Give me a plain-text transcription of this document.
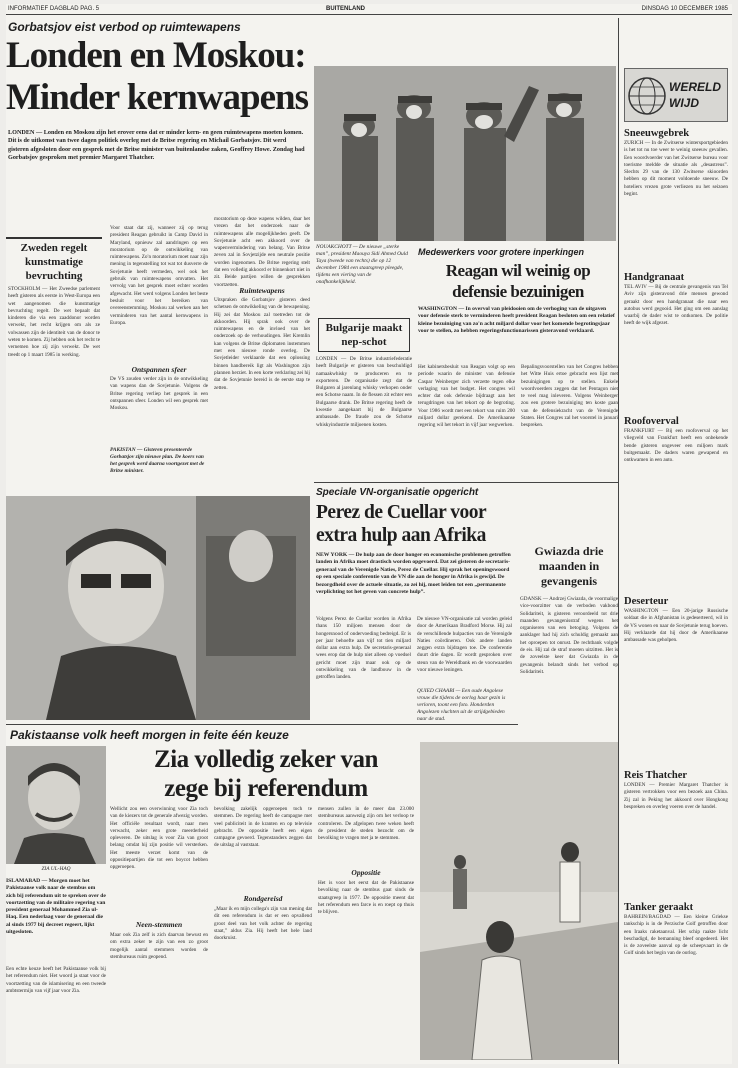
INFORMATIEF DAGBLAD PAG. 5	BUITENLAND	DINSDAG 10 DECEMBER 1985
Gorbatsjov eist verbod op ruimtewapens
Londen en Moskou:
Minder kernwapens
LONDEN — Londen en Moskou zijn het erover eens dat er minder kern- en geen ruimtewapens moeten komen. Dit is de uitkomst van twee dagen politiek overleg met de Britse regering en Michail Gorbatsjov. Dit werd gisteren afgesloten door een gesprek met de Britse minister van buitenlandse zaken, Geoffrey Howe. Zondag had Gorbatsjov gesproken met premier Margaret Thatcher.
Zweden regelt kunstmatige bevruchting
STOCKHOLM — Het Zweedse parlement heeft gisteren als eerste in West-Europa een wet aangenomen die kunstmatige bevruchting regelt. De wet bepaalt dat kinderen die via een zaaddonor worden verwekt, het recht krijgen om als ze volwassen zijn de identiteit van de donor te weten te komen. Zij hebben ook het recht te vernemen hoe zij zijn verwekt. De wet treedt op 1 maart 1985 in werking.
Voor staat dat zij, wanneer zij op terug president Reagan gebruikt in Camp David in Maryland, opnieuw zal aandringen op een moratorium op de ontwikkeling van ruimtewapens. Zo'n moratorium moet naar zijn mening in tegenstelling tot wat tot dusverre de Sovjetunie heeft vermeden, wel ook het gebruik van ruimtewapens omvatten. Het vervolg van het gesprek moet echter worden afgewacht. Het werd volgens Londen het beste besluit voor het bereiken van overeenstemming. Moskou zal werken aan het verminderen van het aantal kernwapens in Europa.
Ontspannen sfeer
De VS zouden verder zijn in de ontwikkeling van wapens dan de Sovjetunie. Volgens de Britse regering verliep het gesprek in een ontspannen sfeer. Londen wil een gesprek met Moskou.
PAKISTAN — Gisteren presenteerde Gorbatsjov zijn nieuwe plan. De koers van het gesprek werd daarna voortgezet met de Britse minister.
moratorium op deze wapens wilden, daar het vrezen dat het onderzoek naar de ruimtewapens alle mogelijkheden geeft. De Sovjetunie acht een akkoord over de wapenvermindering van belang. Van Britse zeven zal in Sovjetzijde een neutrale positie worden ingenomen. De Britse regering stelt dat een volledig akkoord er binnenkort niet in zit. Beide partijen willen de gesprekken voortzetten.
Ruimtewapens
Uitspraken die Gorbatsjov gisteren deed schetsen de ontwikkeling van de bewapening. Hij zei dat Moskou zal toetreden tot de akkoorden. Hij sprak ook over de ruimtewapens en de invloed van het onderzoek op de verhoudingen. Het Kremlin kan volgens de Britse diplomaten instemmen met een nieuwe ronde overleg. De Sovjetleider verklaarde dat een oplossing binnen handbereik ligt als Washington zijn plannen herziet. In een korte verklaring zei hij dat de Sovjetunie bereid is de eerste stap te zetten.
NOUAKCHOTT — De nieuwe „sterke man”, president Maouya Sidi Ahmed Ould Taya (tweede van rechts) die op 12 december 1984 een staatsgreep pleegde, tijdens een viering van de onafhankelijkheid.
Bulgarije maakt nep-schot
LONDEN — De Britse industriefederatie heeft Bulgarije er gisteren van beschuldigd namaakwhisky te produceren en te exporteren. De organisatie zegt dat de Bulgaren al jarenlang whisky verkopen onder een Schotse naam. In de flessen zit echter een Bulgaarse drank. De Britse regering heeft de kwestie aangekaart bij de Bulgaarse ambassade. De fraude zou de Schotse whiskyindustrie miljoenen kosten.
Medewerkers voor grotere inperkingen
Reagan wil weinig op defensie bezuinigen
WASHINGTON — In overvol van pleidooien om de verhoging van de uitgaven voor defensie sterk te verminderen heeft president Reagan besloten om een relatief kleine bezuiniging van zo'n acht miljard dollar voor het komende begrotingsjaar voor te stellen, zo hebben regeringsfunctionarissen gisteravond verklaard.
Het kabinetsbesluit van Reagan volgt op een periode waarin de minister van defensie Caspar Weinberger zich verzette tegen elke verlaging van het budget. Het congres wil echter dat ook defensie bijdraagt aan het terugdringen van het tekort op de begroting. Voor 1986 wordt met een tekort van ruim 200 miljard dollar gerekend. De Amerikaanse regering wil het tekort in vijf jaar wegwerken.
Bepalingsvoorstellen van het Congres hebben het Witte Huis ertoe gebracht een lijst met bezuinigingen op te stellen. Enkele woordvoerders zeggen dat het Pentagon niet te veel mag inleveren. Volgens Weinberger zou een grotere bezuiniging ten koste gaan van de defensiekracht van de Verenigde Staten. Het Congres zal het voorstel in januari bespreken.
Speciale VN-organisatie opgericht
Perez de Cuellar voor
extra hulp aan Afrika
NEW YORK — De hulp aan de door honger en economische problemen getroffen landen in Afrika moet drastisch worden opgevoerd. Dat zei gisteren de secretaris-generaal van de Verenigde Naties, Perez de Cuellar. Hij sprak het openingswoord op een speciale conferentie van de VN die aan de honger in Afrika is gewijd. De bezorgdheid over de actuele situatie, zo zei hij, moet leiden tot een „permanente verplichting tot het geven van concrete hulp”.
Volgens Perez de Cuellar worden in Afrika thans 150 miljoen mensen door de hongersnood of ondervoeding bedreigd. Er is per jaar behoefte aan vijf tot tien miljard dollar aan extra hulp. De secretaris-generaal wees erop dat de hulp niet alleen op voedsel gericht moet zijn maar ook op de ontwikkeling van de landbouw in de getroffen landen.
De nieuwe VN-organisatie zal worden geleid door de Amerikaan Bradford Morse. Hij zal de verschillende hulpacties van de Verenigde Naties coördineren. Ook andere landen zeggen extra bijdragen toe. De conferentie duurt drie dagen. Er wordt gesproken over steun van de Wereldbank en de voorwaarden voor nieuwe leningen.
QUIED CHAABI — Een oude Angolese vrouw die tijdens de oorlog haar gezin is verloren, toont een foto. Honderden Angolezen vluchten uit de strijdgebieden naar de stad.
Gwiazda drie maanden in gevangenis
GDANSK — Andrzej Gwiazda, de voormalige vice-voorzitter van de verboden vakbond Solidariteit, is gisteren veroordeeld tot drie maanden gevangenisstraf wegens het organiseren van een betoging. Volgens de aanklager had hij zich schuldig gemaakt aan het oproepen tot onrust. De rechtbank volgde de eis. Hij zal de straf moeten uitzitten. Het is de zoveelste keer dat Gwiazda in de gevangenis belandt sinds het verbod op Solidariteit.
Pakistaanse volk heeft morgen in feite één keuze
Zia volledig zeker van
zege bij referendum
ZIA UL-HAQ
ISLAMABAD — Morgen moet het Pakistaanse volk naar de stembus om zich bij referendum uit te spreken over de voortzetting van de militaire regering van president generaal Mohammed Zia ul-Haq. Een nederlaag voor de generaal die al sinds 1977 bij decreet regeert, lijkt uitgesloten.
Een echte keuze heeft het Pakistaanse volk bij het referendum niet. Het woord ja staat voor de voortzetting van de islamisering en een tweede ambtstermijn van vijf jaar voor Zia.
Wellicht zou een overwinning voor Zia toch van de kiezers tot de generale afwezig worden. Het officiële resultaat wordt, naar men verwacht, zeker een grote meerderheid opleveren. De uitslag is voor Zia van groot belang omdat hij zijn positie wil versterken. Het meeste verzet komt van de oppositiepartijen die tot een boycot hebben opgeroepen.
Neen-stemmen
Maar ook Zia zelf is zich daarvan bewust en om extra zeker te zijn van een zo groot mogelijk aantal stemmers worden de stembureaus ruim geopend.
bevolking zakelijk opgeroepen toch te stemmen. De regering heeft de campagne met veel publiciteit in de kranten en op televisie gebracht. De oppositie heeft een eigen campagne gevoerd. Tegenstanders zeggen dat de uitslag al vaststaat.
Rondgereisd
„Maar ik en mijn collega's zijn van mening dat dit een referendum is dat er een opvallend groot deel van het volk achter de regering staat,” aldus Zia. Hij heeft het hele land doorkruist.
mensen zullen in de meer dan 23.000 stembureaus aanwezig zijn om het verloop te controleren. De afgelopen twee weken heeft de president de steden bezocht om de bevolking te vragen met ja te stemmen.
Oppositie
Het is voor het eerst dat de Pakistaanse bevolking naar de stembus gaat sinds de staatsgreep in 1977. De oppositie meent dat het referendum een farce is en roept op thuis te blijven.
WERELD WIJD
Sneeuwgebrek
ZÜRICH — In de Zwitserse wintersportgebieden is het tot nu toe weer te weinig sneeuw gevallen. Een woordvoerder van het Zwitserse bureau voor toerisme meldde de situatie als „desastreus”. Slechts 29 van de 130 Zwitserse skioorden hebben op dit moment voldoende sneeuw. De hoteliers vrezen grote verliezen nu het seizoen begint.
Handgranaat
TEL AVIV — Bij de centrale gevangenis van Tel Aviv zijn gisteravond drie mensen gewond geraakt door een handgranaat die naar een autobus werd gegooid. Het ging om een aanslag waarbij de dader wist te ontkomen. De politie heeft de wijk afgezet.
Roofoverval
FRANKFURT — Bij een roofoverval op het vliegveld van Frankfurt heeft een onbekende bende gisteren ongeveer een miljoen mark buitgemaakt. De daders waren gewapend en ontkwamen in een auto.
Deserteur
WASHINGTON — Een 20-jarige Russische soldaat die in Afghanistan is gedeserteerd, wil in de VS wonen en naar de Sovjetunie terug hoeven. Hij verklaarde dat hij door de Amerikaanse ambassade was geholpen.
Reis Thatcher
LONDEN — Premier Margaret Thatcher is gisteren vertrokken voor een bezoek aan China. Zij zal in Peking het akkoord over Hongkong bespreken en overleg voeren over de handel.
Tanker geraakt
BAHREIN/BAGDAD — Een kleine Griekse tankschip is in de Perzische Golf getroffen door een Iraaks raketaanval. Het schip raakte licht beschadigd, de bemanning bleef ongedeerd. Het is de zoveelste aanval op de scheepvaart in de Golf sinds het begin van de oorlog.
